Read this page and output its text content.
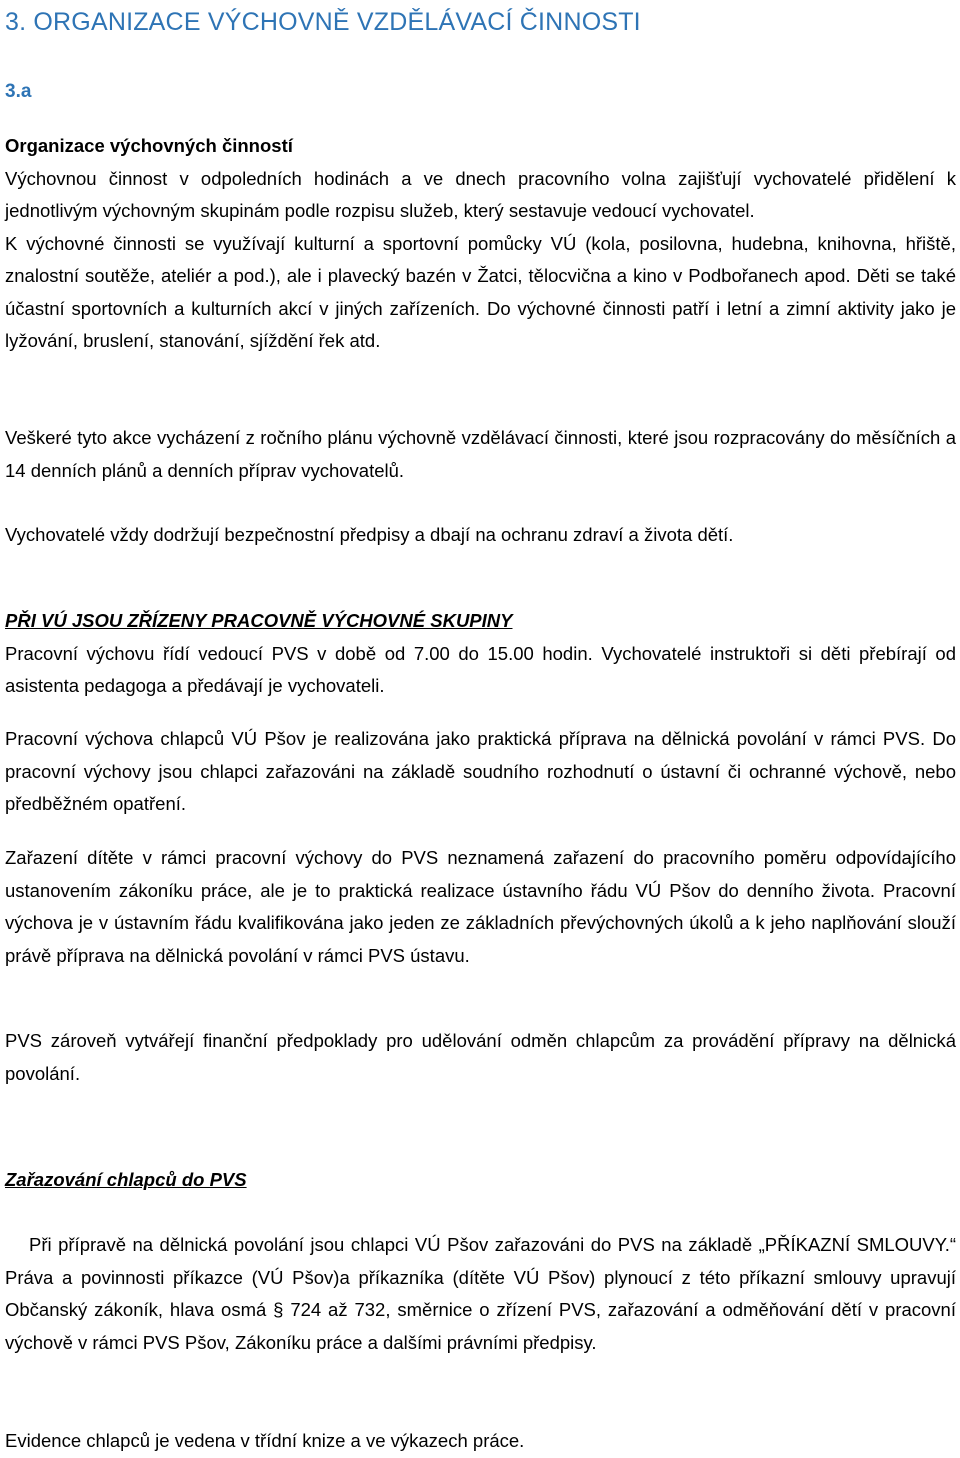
3. ORGANIZACE VÝCHOVNĚ VZDĚLÁVACÍ ČINNOSTI
3.a

Organizace výchovných činností

Výchovnou činnost v odpoledních hodinách a ve dnech pracovního volna zajišťují vychovatelé přidělení k jednotlivým výchovným skupinám podle rozpisu služeb, který sestavuje vedoucí vychovatel.

K výchovné činnosti se využívají kulturní a sportovní pomůcky VÚ (kola, posilovna, hudebna, knihovna, hřiště, znalostní soutěže, ateliér a pod.), ale i plavecký bazén v Žatci, tělocvična a kino v Podbořanech apod. Děti se také účastní sportovních a kulturních akcí v jiných zařízeních. Do výchovné činnosti patří i letní a zimní aktivity jako je lyžování, bruslení, stanování, sjíždění řek atd.

Veškeré tyto akce vycházení z ročního plánu výchovně vzdělávací činnosti, které jsou rozpracovány do měsíčních a 14 denních plánů a denních příprav vychovatelů.

Vychovatelé vždy dodržují bezpečnostní předpisy a dbají na ochranu zdraví a života dětí.

PŘI VÚ JSOU ZŘÍZENY PRACOVNĚ VÝCHOVNÉ SKUPINY

Pracovní výchovu řídí vedoucí PVS v době od 7.00 do 15.00 hodin. Vychovatelé instruktoři si děti přebírají od asistenta pedagoga a předávají je vychovateli.

Pracovní výchova chlapců VÚ Pšov je realizována jako praktická příprava na dělnická povolání v rámci PVS. Do pracovní výchovy jsou chlapci zařazováni na základě soudního rozhodnutí o ústavní či ochranné výchově, nebo předběžném opatření.

Zařazení dítěte v rámci pracovní výchovy do PVS neznamená zařazení do pracovního poměru odpovídajícího ustanovením zákoníku práce, ale je to praktická realizace ústavního řádu VÚ Pšov do denního života. Pracovní výchova je v ústavním řádu kvalifikována jako jeden ze základních převýchovných úkolů a k jeho naplňování slouží právě příprava na dělnická povolání v rámci PVS ústavu.

PVS zároveň vytvářejí finanční předpoklady pro udělování odměn chlapcům za provádění přípravy na dělnická povolání.

Zařazování chlapců do PVS

Při přípravě na dělnická povolání jsou chlapci VÚ Pšov zařazováni do PVS na základě „PŘÍKAZNÍ SMLOUVY.“ Práva a povinnosti příkazce (VÚ Pšov)a příkazníka (dítěte VÚ Pšov) plynoucí z této příkazní smlouvy upravují Občanský zákoník, hlava osmá § 724 až 732, směrnice o zřízení PVS, zařazování a odměňování dětí v pracovní výchově v rámci PVS Pšov, Zákoníku práce a dalšími právními předpisy.

Evidence chlapců je vedena v třídní knize a ve výkazech práce.
